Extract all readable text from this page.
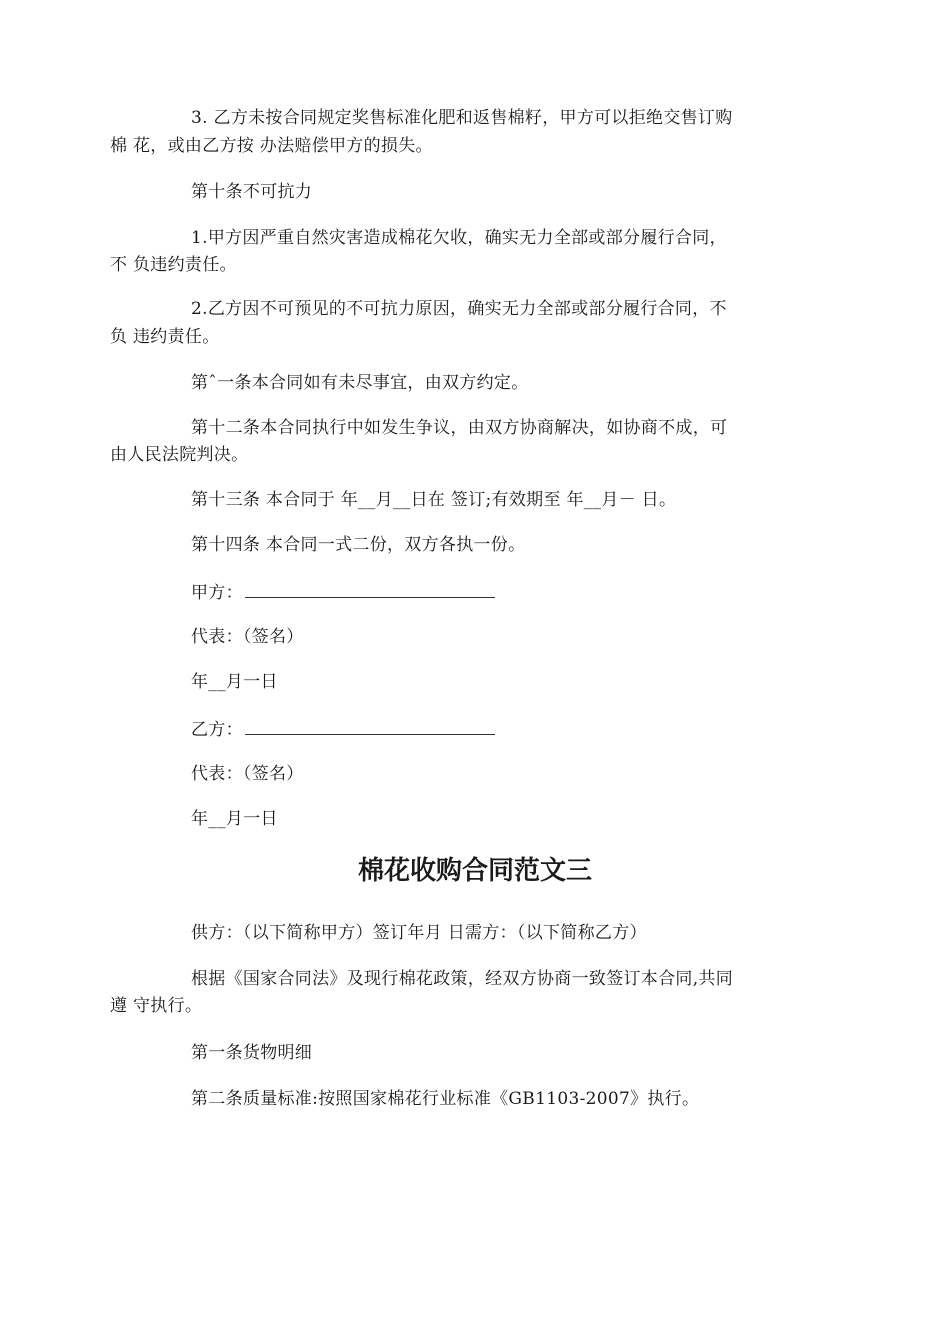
3. 乙方未按合同规定奖售标准化肥和返售棉籽，甲方可以拒绝交售订购
棉 花，或由乙方按 办法赔偿甲方的损失。
第十条不可抗力
1.甲方因严重自然灾害造成棉花欠收，确实无力全部或部分履行合同，
不 负违约责任。
2.乙方因不可预见的不可抗力原因，确实无力全部或部分履行合同，不
负 违约责任。
第ˆ一条本合同如有未尽事宜，由双方约定。
第十二条本合同执行中如发生争议，由双方协商解决，如协商不成，可
由人民法院判决。
第十三条 本合同于 年__月__日在 签订;有效期至 年__月－ 日。
第十四条 本合同一式二份，双方各执一份。
甲方：
代表：（签名）
年__月一日
乙方：
代表：（签名）
年__月一日
棉花收购合同范文三
供方：（以下简称甲方）签订年月 日需方：（以下简称乙方）
根据《国家合同法》及现行棉花政策，经双方协商一致签订本合同,共同
遵 守执行。
第一条货物明细
第二条质量标准:按照国家棉花行业标准《GB1103-2007》执行。
